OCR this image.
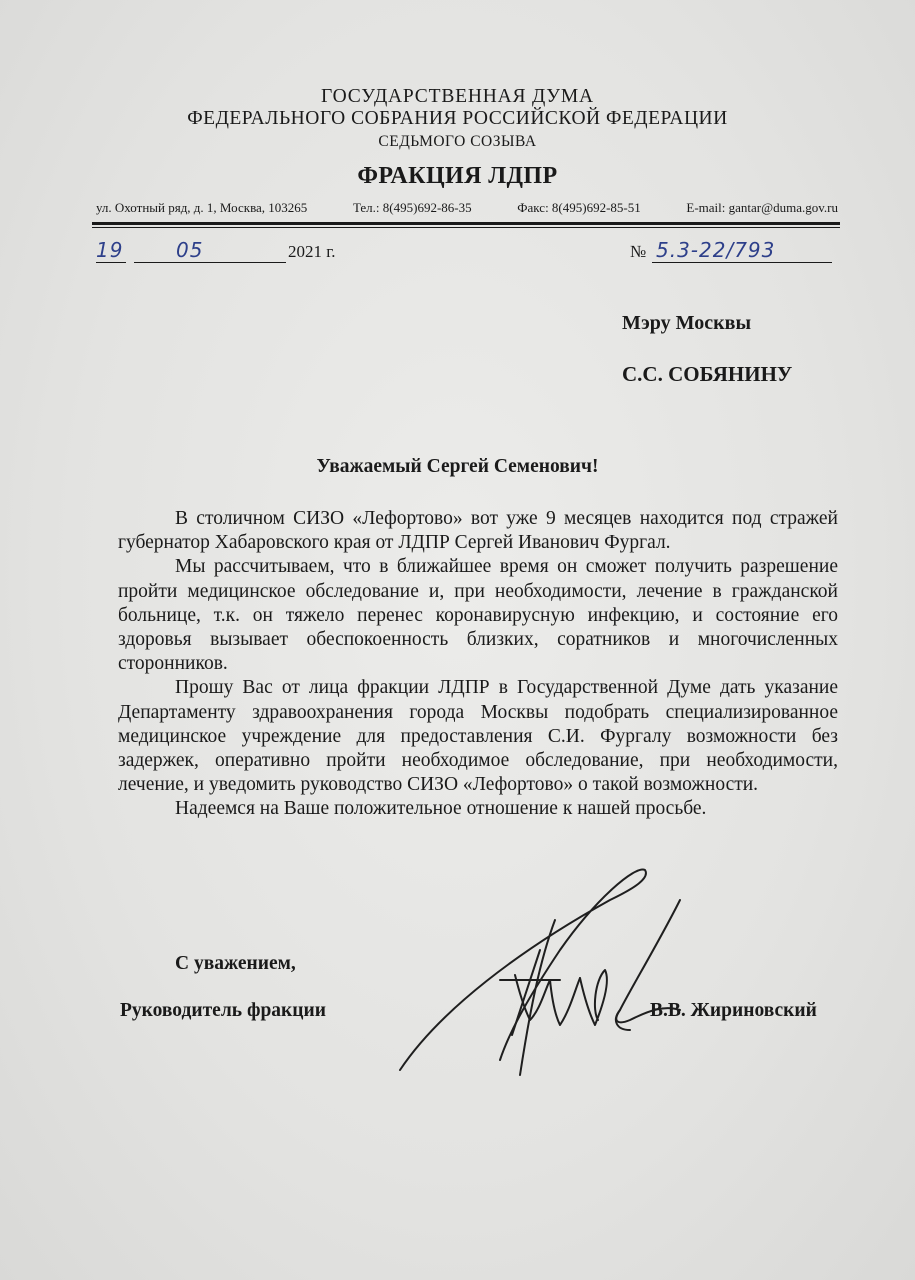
ГОСУДАРСТВЕННАЯ ДУМА
ФЕДЕРАЛЬНОГО СОБРАНИЯ РОССИЙСКОЙ ФЕДЕРАЦИИ
СЕДЬМОГО СОЗЫВА
ФРАКЦИЯ ЛДПР
ул. Охотный ряд, д. 1, Москва, 103265	Тел.: 8(495)692-86-35	Факс: 8(495)692-85-51	E-mail: gantar@duma.gov.ru
19	05	2021 г.	№ 5.3-22/793
Мэру Москвы
С.С. СОБЯНИНУ
Уважаемый Сергей Семенович!

В столичном СИЗО «Лефортово» вот уже 9 месяцев находится под стражей губернатор Хабаровского края от ЛДПР Сергей Иванович Фургал.

Мы рассчитываем, что в ближайшее время он сможет получить разрешение пройти медицинское обследование и, при необходимости, лечение в гражданской больнице, т.к. он тяжело перенес коронавирусную инфекцию, и состояние его здоровья вызывает обеспокоенность близких, соратников и многочисленных сторонников.

Прошу Вас от лица фракции ЛДПР в Государственной Думе дать указание Департаменту здравоохранения города Москвы подобрать специализированное медицинское учреждение для предоставления С.И. Фургалу возможности без задержек, оперативно пройти необходимое обследование, при необходимости, лечение, и уведомить руководство СИЗО «Лефортово» о такой возможности.

Надеемся на Ваше положительное отношение к нашей просьбе.

С уважением,
Руководитель фракции	В.В. Жириновский
